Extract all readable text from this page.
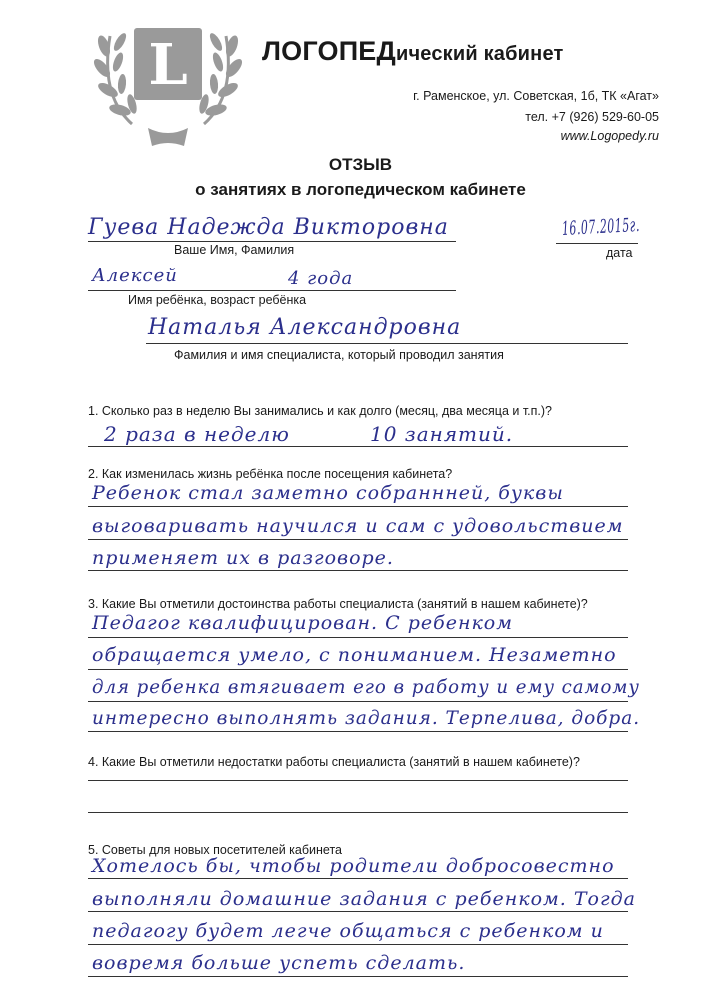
L	ЛОГОПЕДический кабинет
г. Раменское, ул. Советская, 1б, ТК «Агат»
тел. +7 (926) 529-60-05
www.Logopedy.ru
ОТЗЫВ
о занятиях в логопедическом кабинете
Гуева Надежда Викторовна
Ваше Имя, Фамилия
16.07.2015г.
дата
Алексей	4 года
Имя ребёнка, возраст ребёнка
Наталья Александровна
Фамилия и имя специалиста, который проводил занятия
1. Сколько раз в неделю Вы занимались и как долго (месяц, два месяца и т.п.)?
2 раза в неделю	10 занятий.
2. Как изменилась жизнь ребёнка после посещения кабинета?
Ребенок стал заметно собраннней, буквы
выговаривать научился и сам с удовольствием
применяет их в разговоре.
3. Какие Вы отметили достоинства работы специалиста (занятий в нашем кабинете)?
Педагог квалифицирован. С ребенком
обращается умело, с пониманием. Незаметно
для ребенка втягивает его в работу и ему самому
интересно выполнять задания. Терпелива, добра.
4. Какие Вы отметили недостатки работы специалиста (занятий в нашем кабинете)?
5. Советы для новых посетителей кабинета
Хотелось бы, чтобы родители добросовестно
выполняли домашние задания с ребенком. Тогда
педагогу будет легче общаться с ребенком и
вовремя больше успеть сделать.
